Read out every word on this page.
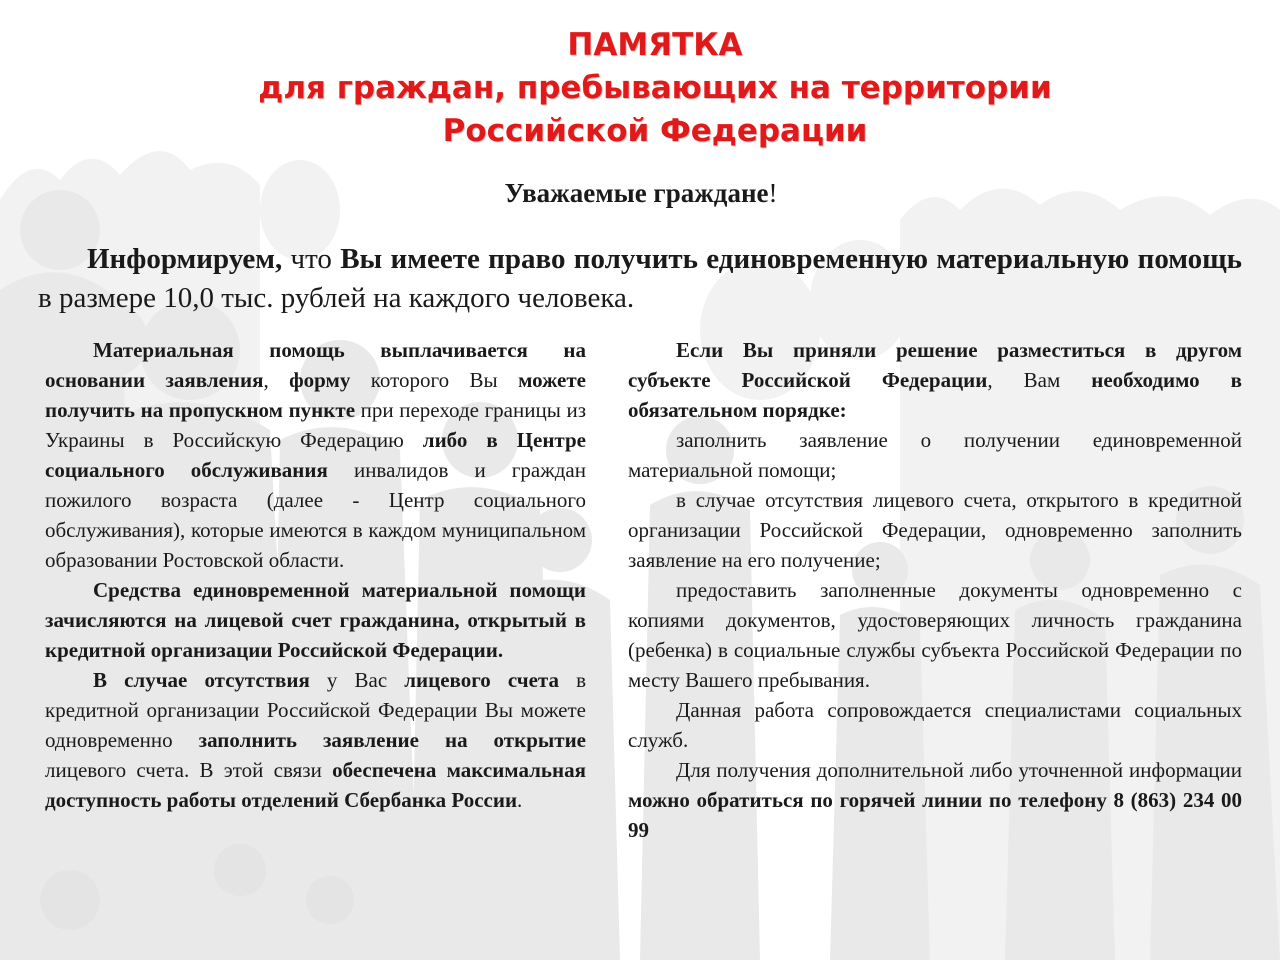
ПАМЯТКА
для граждан, пребывающих на территории
Российской Федерации
Уважаемые граждане!
Информируем, что Вы имеете право получить единовременную материальную помощь в размере 10,0 тыс. рублей на каждого человека.

Материальная помощь выплачивается на основании заявления, форму которого Вы можете получить на пропускном пункте при переходе границы из Украины в Российскую Федерацию либо в Центре социального обслуживания инвалидов и граждан пожилого возраста (далее - Центр социального обслуживания), которые имеются в каждом муниципальном образовании Ростовской области.

Средства единовременной материальной помощи зачисляются на лицевой счет гражданина, открытый в кредитной организации Российской Федерации.

В случае отсутствия у Вас лицевого счета в кредитной организации Российской Федерации Вы можете одновременно заполнить заявление на открытие лицевого счета. В этой связи обеспечена максимальная доступность работы отделений Сбербанка России.

Если Вы приняли решение разместиться в другом субъекте Российской Федерации, Вам необходимо в обязательном порядке:

заполнить заявление о получении единовременной материальной помощи;

в случае отсутствия лицевого счета, открытого в кредитной организации Российской Федерации, одновременно заполнить заявление на его получение;

предоставить заполненные документы одновременно с копиями документов, удостоверяющих личность гражданина (ребенка) в социальные службы субъекта Российской Федерации по месту Вашего пребывания.

Данная работа сопровождается специалистами социальных служб.

Для получения дополнительной либо уточненной информации можно обратиться по горячей линии по телефону 8 (863) 234 00 99
